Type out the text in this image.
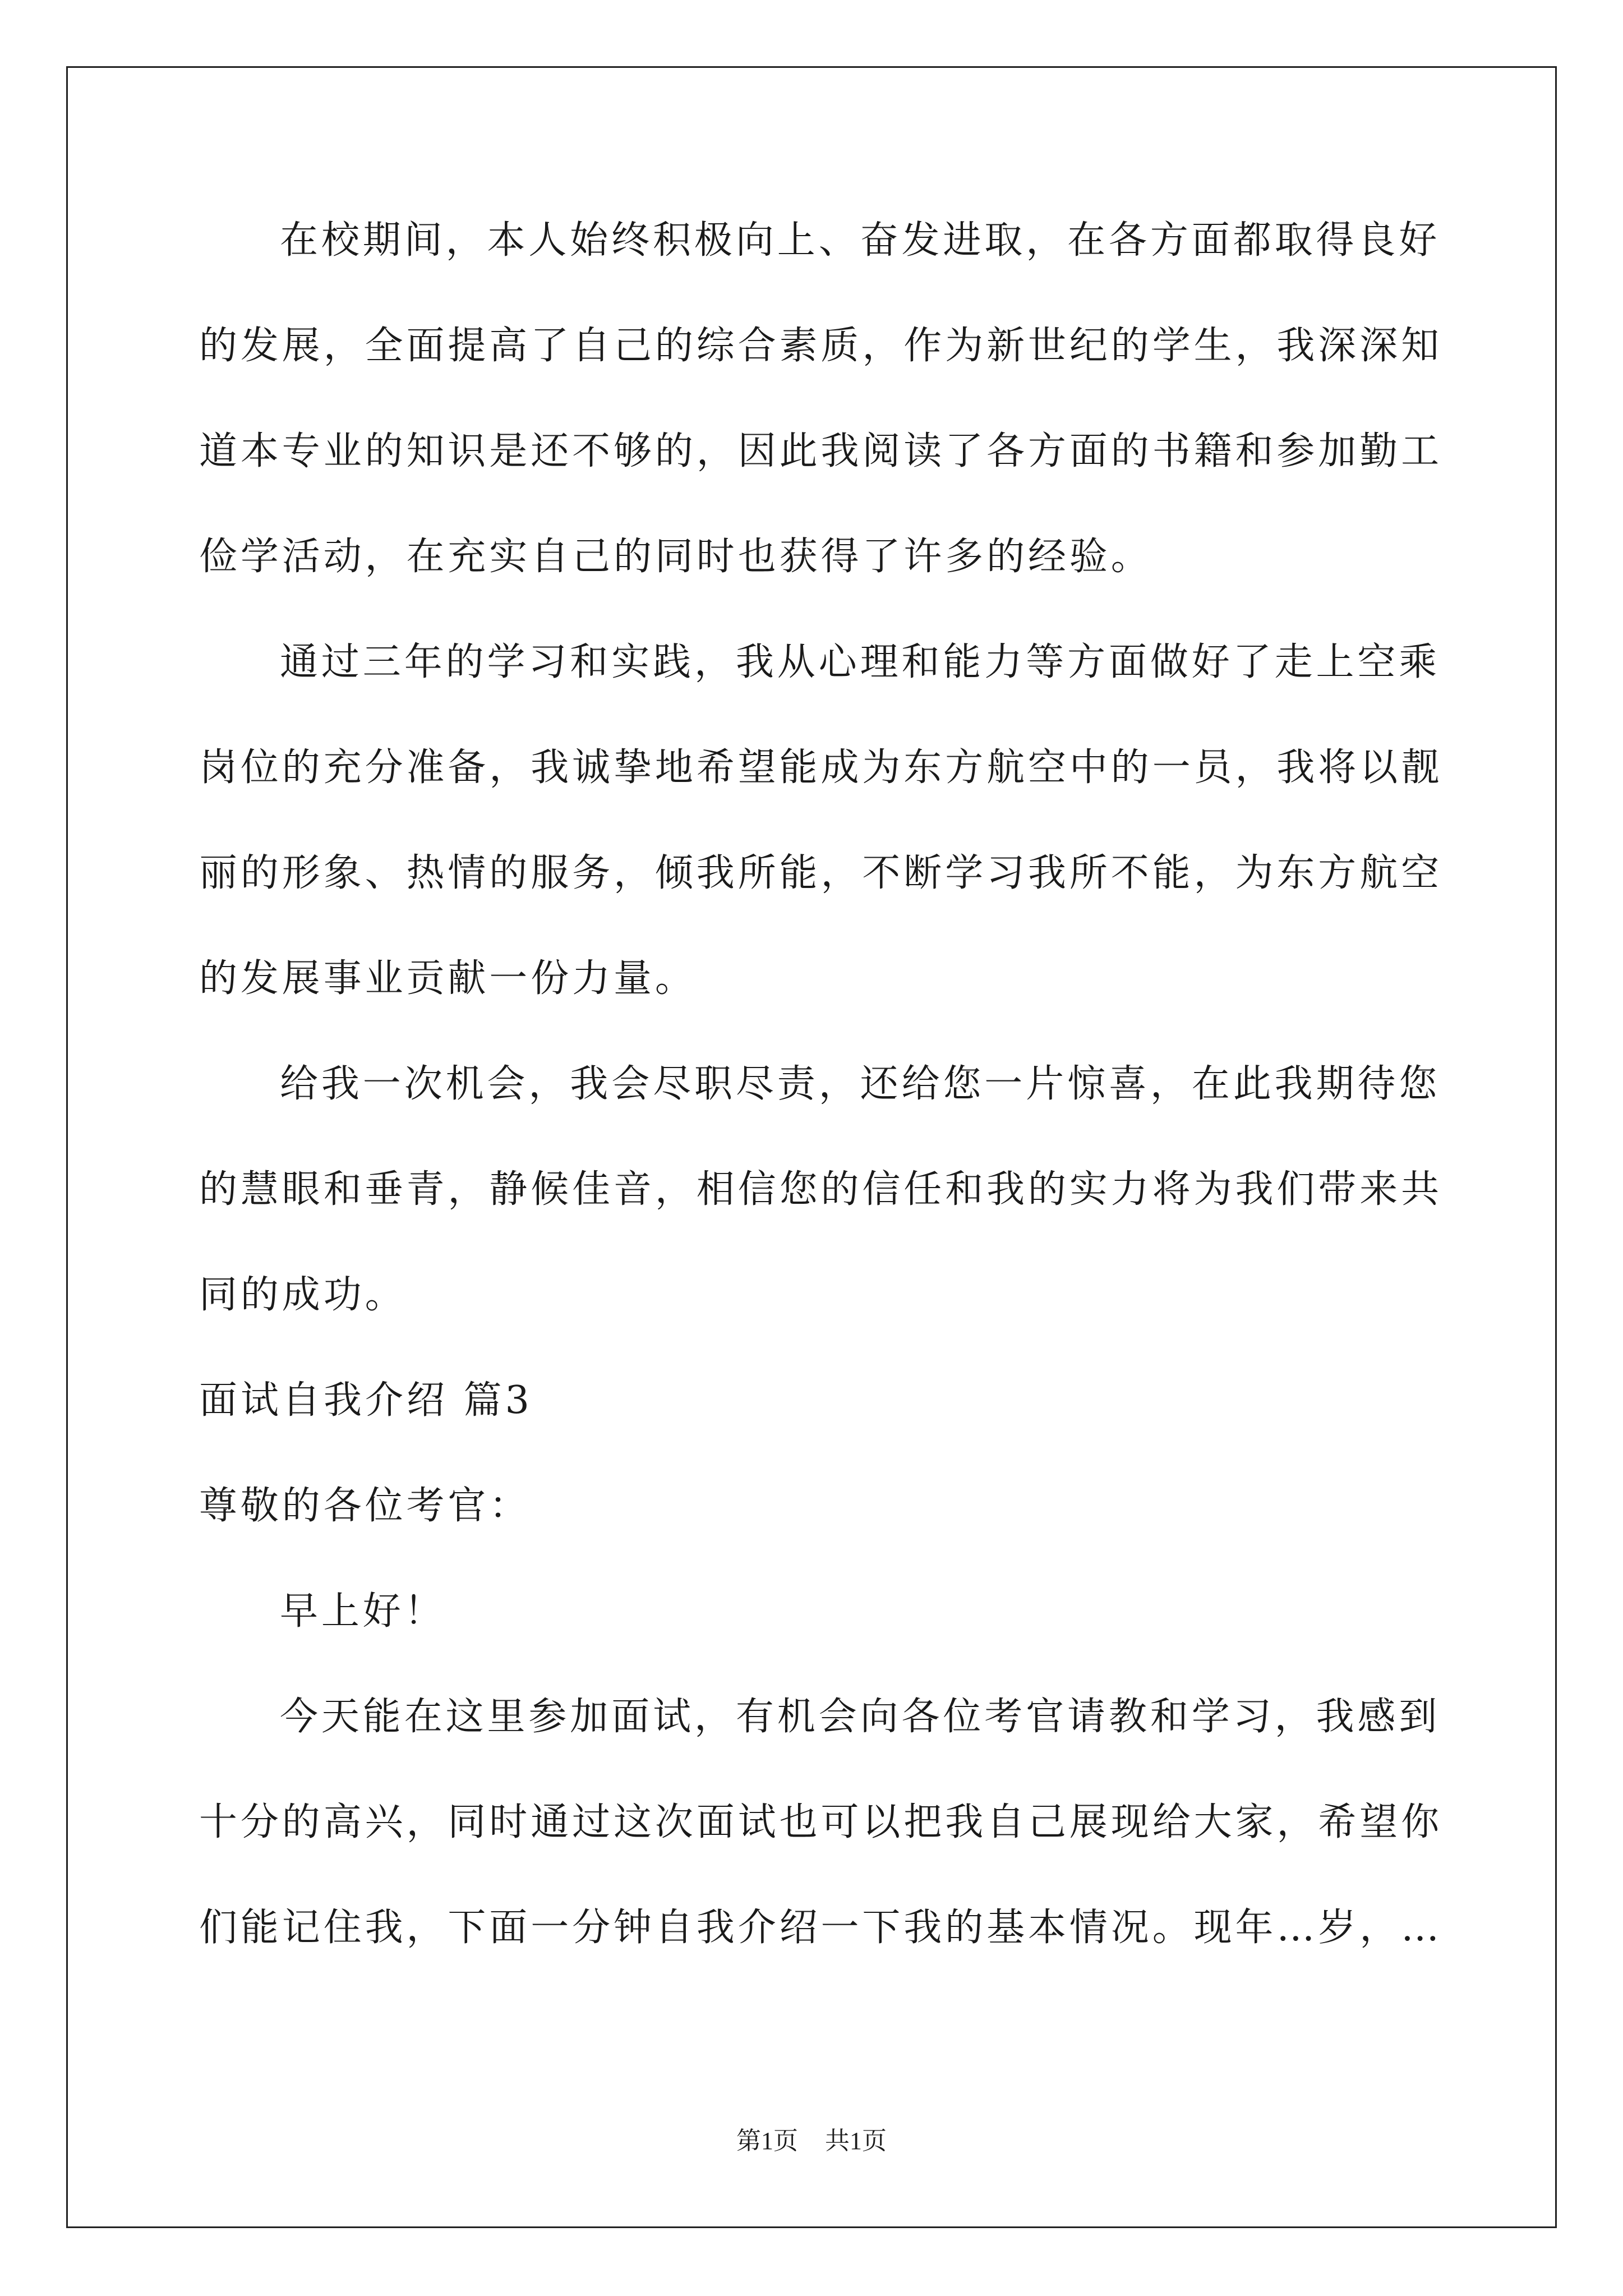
在校期间，本人始终积极向上、奋发进取，在各方面都取得良好
的发展，全面提高了自己的综合素质，作为新世纪的学生，我深深知
道本专业的知识是还不够的，因此我阅读了各方面的书籍和参加勤工
俭学活动，在充实自己的同时也获得了许多的经验。
通过三年的学习和实践，我从心理和能力等方面做好了走上空乘
岗位的充分准备，我诚挚地希望能成为东方航空中的一员，我将以靓
丽的形象、热情的服务，倾我所能，不断学习我所不能，为东方航空
的发展事业贡献一份力量。
给我一次机会，我会尽职尽责，还给您一片惊喜，在此我期待您
的慧眼和垂青，静候佳音，相信您的信任和我的实力将为我们带来共
同的成功。
面试自我介绍 篇3
尊敬的各位考官：
早上好！
今天能在这里参加面试，有机会向各位考官请教和学习，我感到
十分的高兴，同时通过这次面试也可以把我自己展现给大家，希望你
们能记住我，下面一分钟自我介绍一下我的基本情况。现年…岁，…
第1页 共1页
